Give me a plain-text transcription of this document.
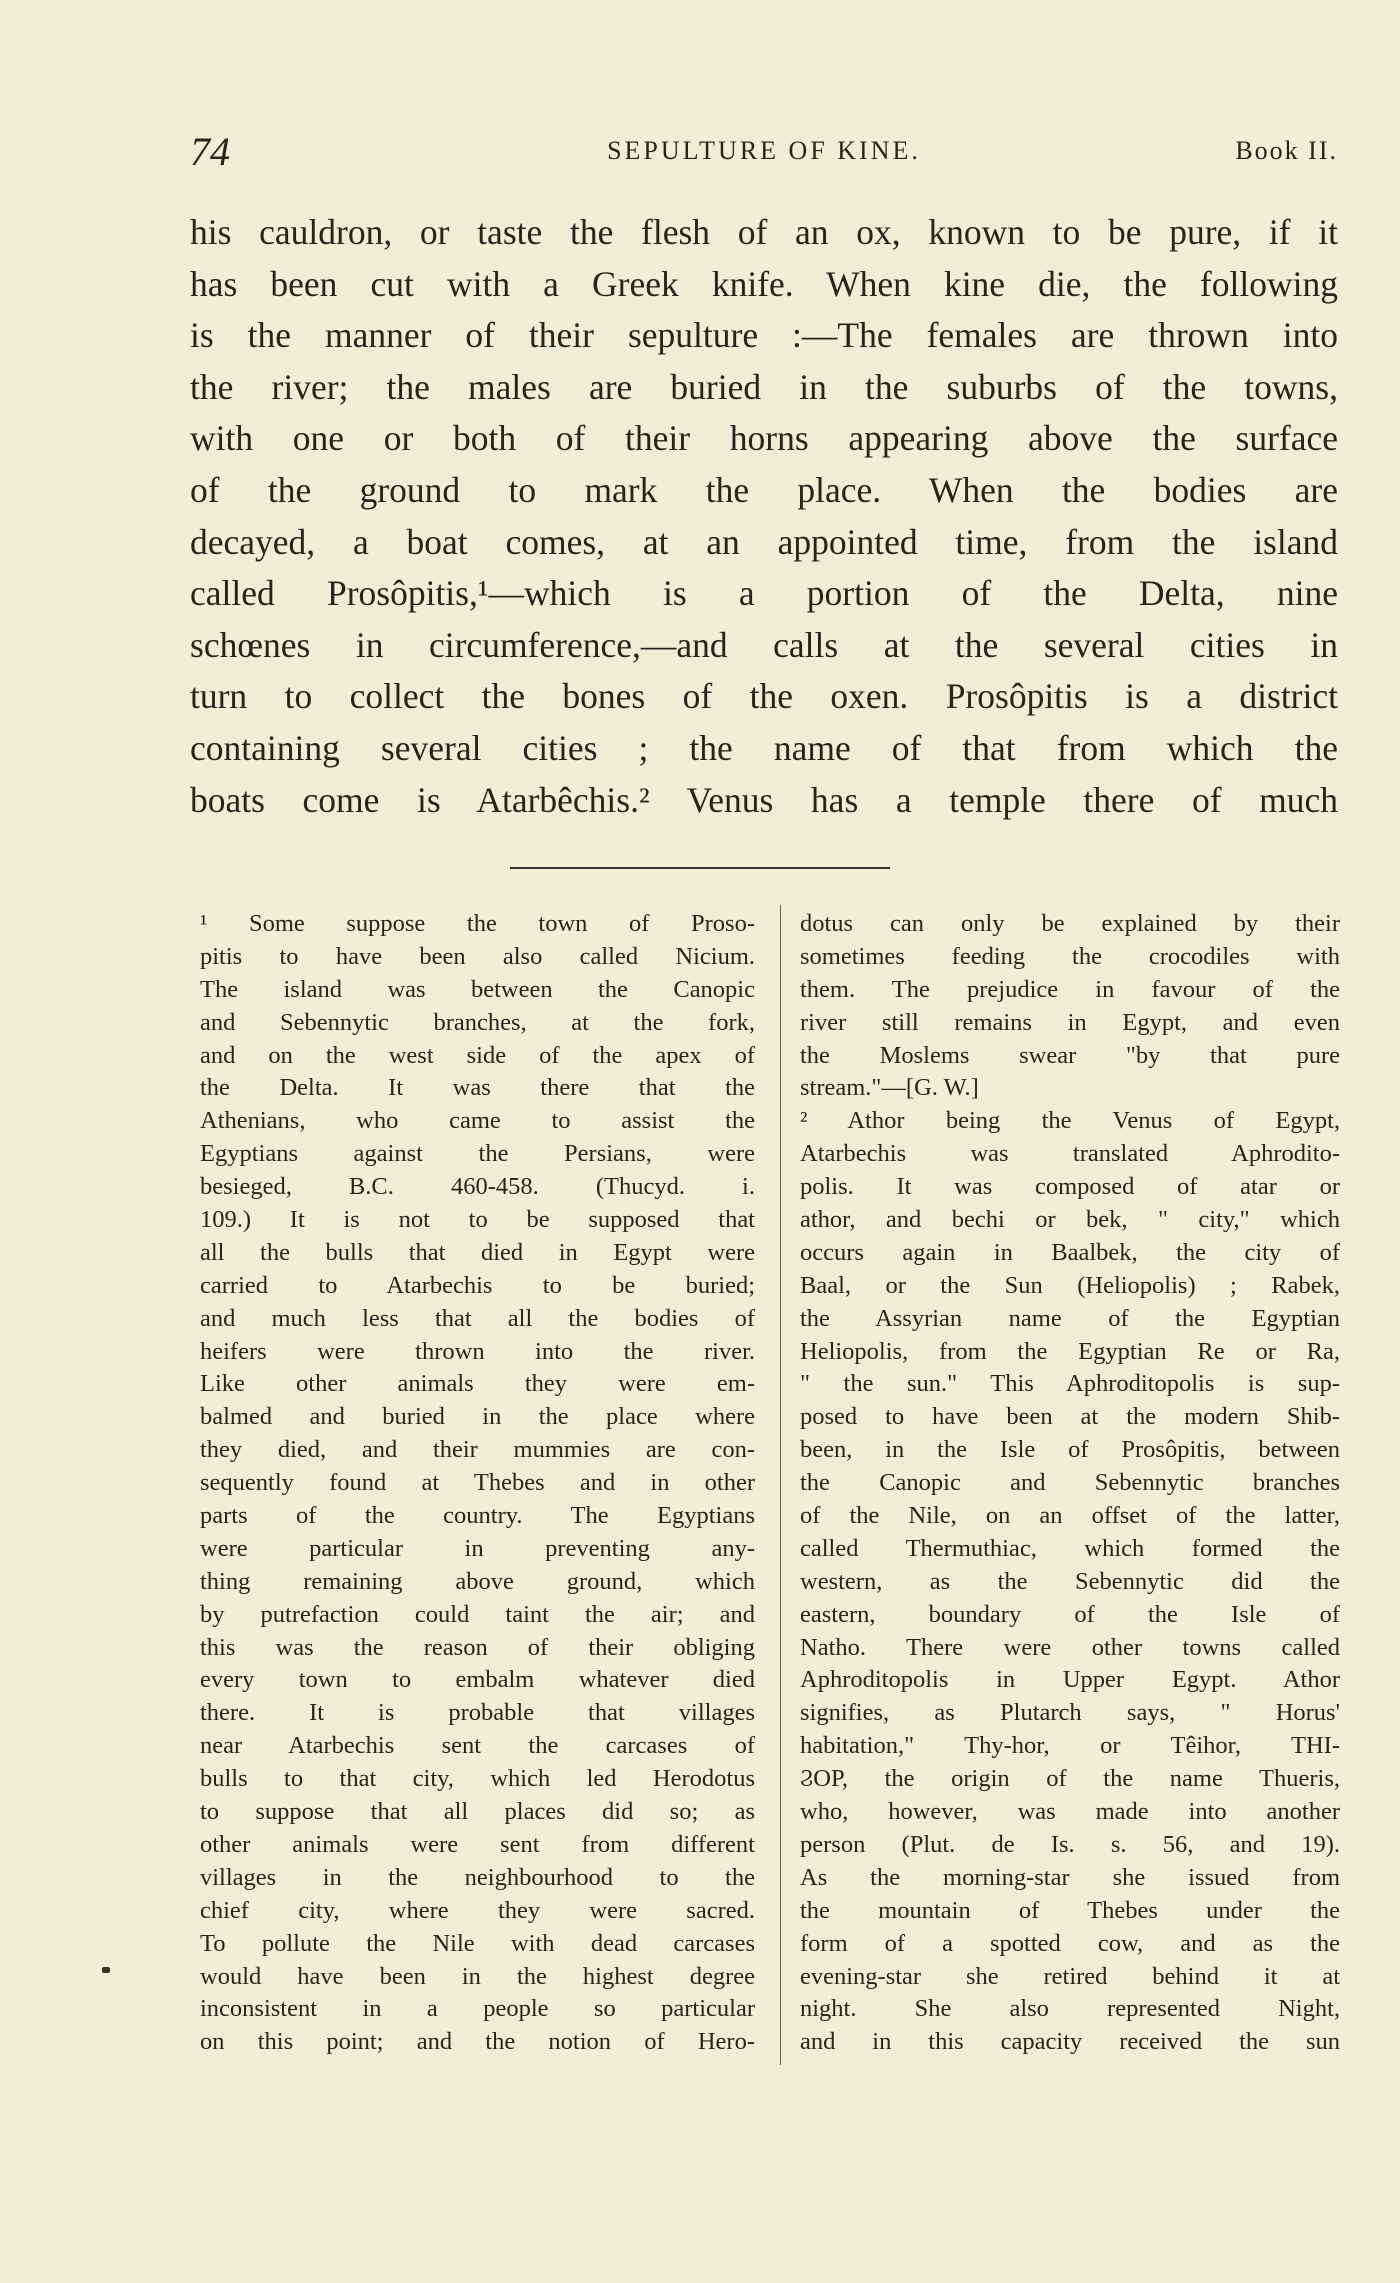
74	SEPULTURE OF KINE.	Book II.
his cauldron, or taste the flesh of an ox, known to be pure, if it
has been cut with a Greek knife. When kine die, the following
is the manner of their sepulture :—The females are thrown into
the river; the males are buried in the suburbs of the towns,
with one or both of their horns appearing above the surface
of the ground to mark the place. When the bodies are
decayed, a boat comes, at an appointed time, from the island
called Prosôpitis,¹—which is a portion of the Delta, nine
schœnes in circumference,—and calls at the several cities in
turn to collect the bones of the oxen. Prosôpitis is a district
containing several cities ; the name of that from which the
boats come is Atarbêchis.² Venus has a temple there of much
¹ Some suppose the town of Proso-
pitis to have been also called Nicium.
The island was between the Canopic
and Sebennytic branches, at the fork,
and on the west side of the apex of
the Delta. It was there that the
Athenians, who came to assist the
Egyptians against the Persians, were
besieged, B.C. 460-458. (Thucyd. i.
109.) It is not to be supposed that
all the bulls that died in Egypt were
carried to Atarbechis to be buried;
and much less that all the bodies of
heifers were thrown into the river.
Like other animals they were em-
balmed and buried in the place where
they died, and their mummies are con-
sequently found at Thebes and in other
parts of the country. The Egyptians
were particular in preventing any-
thing remaining above ground, which
by putrefaction could taint the air; and
this was the reason of their obliging
every town to embalm whatever died
there. It is probable that villages
near Atarbechis sent the carcases of
bulls to that city, which led Herodotus
to suppose that all places did so; as
other animals were sent from different
villages in the neighbourhood to the
chief city, where they were sacred.
To pollute the Nile with dead carcases
would have been in the highest degree
inconsistent in a people so particular
on this point; and the notion of Hero-
dotus can only be explained by their
sometimes feeding the crocodiles with
them. The prejudice in favour of the
river still remains in Egypt, and even
the Moslems swear "by that pure
stream."—[G. W.]
² Athor being the Venus of Egypt,
Atarbechis was translated Aphrodito-
polis. It was composed of atar or
athor, and bechi or bek, " city," which
occurs again in Baalbek, the city of
Baal, or the Sun (Heliopolis) ; Rabek,
the Assyrian name of the Egyptian
Heliopolis, from the Egyptian Re or Ra,
" the sun." This Aphroditopolis is sup-
posed to have been at the modern Shib-
been, in the Isle of Prosôpitis, between
the Canopic and Sebennytic branches
of the Nile, on an offset of the latter,
called Thermuthiac, which formed the
western, as the Sebennytic did the
eastern, boundary of the Isle of
Natho. There were other towns called
Aphroditopolis in Upper Egypt. Athor
signifies, as Plutarch says, " Horus'
habitation," Thy-hor, or Têihor, THI-
ϨOP, the origin of the name Thueris,
who, however, was made into another
person (Plut. de Is. s. 56, and 19).
As the morning-star she issued from
the mountain of Thebes under the
form of a spotted cow, and as the
evening-star she retired behind it at
night. She also represented Night,
and in this capacity received the sun
